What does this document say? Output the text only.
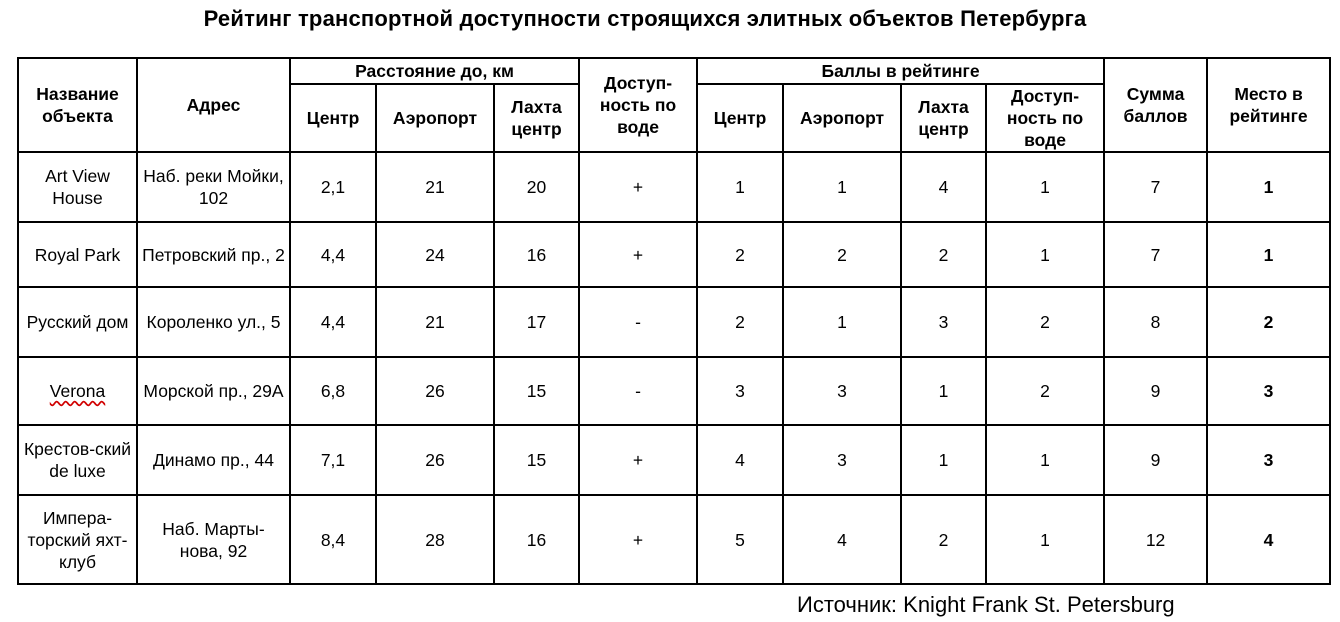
Рейтинг транспортной доступности строящихся элитных объектов Петербурга
Название объекта	Адрес	Расстояние до, км			Доступ-ность по воде	Баллы в рейтинге				Сумма баллов	Место в рейтинге
		Центр	Аэропорт	Лахта центр		Центр	Аэропорт	Лахта центр	Доступ-ность по воде		
Art View House	Наб. реки Мойки, 102	2,1	21	20	+	1	1	4	1	7	1
Royal Park	Петровский пр., 2	4,4	24	16	+	2	2	2	1	7	1
Русский дом	Короленко ул., 5	4,4	21	17	-	2	1	3	2	8	2
Verona	Морской пр., 29А	6,8	26	15	-	3	3	1	2	9	3
Крестов-ский de luxe	Динамо пр., 44	7,1	26	15	+	4	3	1	1	9	3
Импера-торский яхт-клуб	Наб. Марты-нова, 92	8,4	28	16	+	5	4	2	1	12	4
Источник: Knight Frank St. Petersburg
